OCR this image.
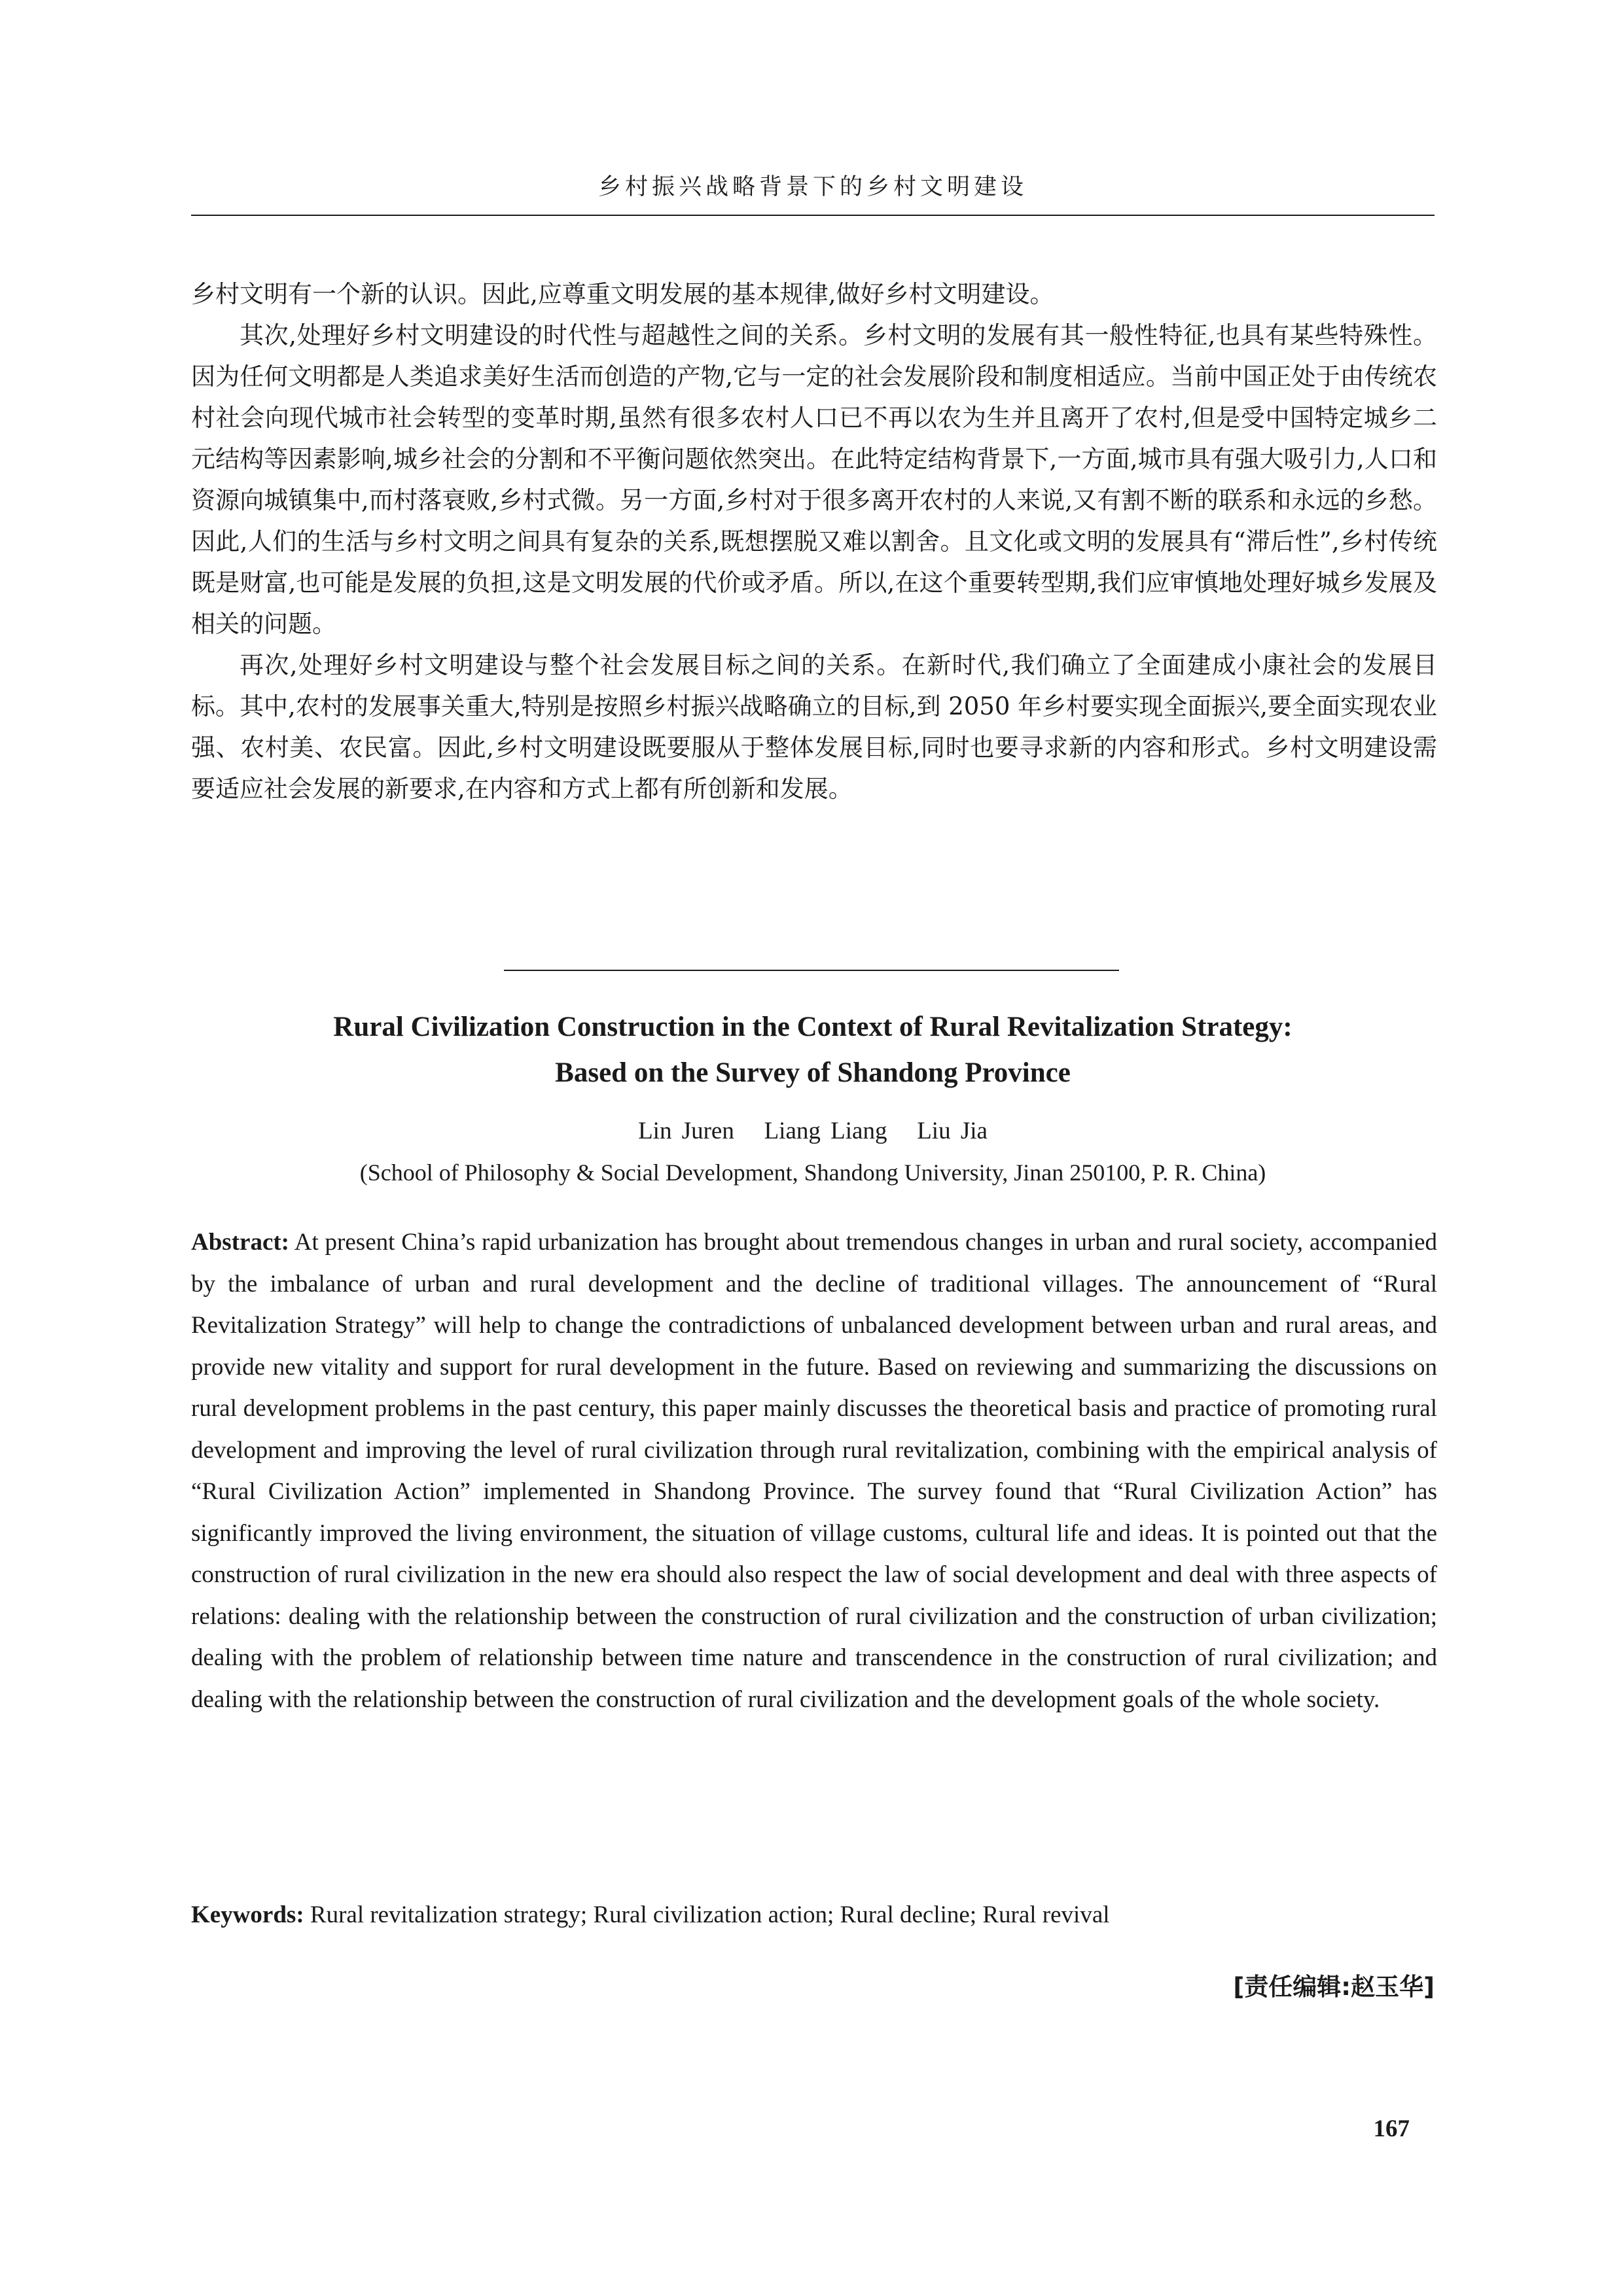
乡村振兴战略背景下的乡村文明建设

乡村文明有一个新的认识。因此,应尊重文明发展的基本规律,做好乡村文明建设。

其次,处理好乡村文明建设的时代性与超越性之间的关系。乡村文明的发展有其一般性特征,也具有某些特殊性。因为任何文明都是人类追求美好生活而创造的产物,它与一定的社会发展阶段和制度相适应。当前中国正处于由传统农村社会向现代城市社会转型的变革时期,虽然有很多农村人口已不再以农为生并且离开了农村,但是受中国特定城乡二元结构等因素影响,城乡社会的分割和不平衡问题依然突出。在此特定结构背景下,一方面,城市具有强大吸引力,人口和资源向城镇集中,而村落衰败,乡村式微。另一方面,乡村对于很多离开农村的人来说,又有割不断的联系和永远的乡愁。因此,人们的生活与乡村文明之间具有复杂的关系,既想摆脱又难以割舍。且文化或文明的发展具有“滞后性”,乡村传统既是财富,也可能是发展的负担,这是文明发展的代价或矛盾。所以,在这个重要转型期,我们应审慎地处理好城乡发展及相关的问题。

再次,处理好乡村文明建设与整个社会发展目标之间的关系。在新时代,我们确立了全面建成小康社会的发展目标。其中,农村的发展事关重大,特别是按照乡村振兴战略确立的目标,到 2050 年乡村要实现全面振兴,要全面实现农业强、农村美、农民富。因此,乡村文明建设既要服从于整体发展目标,同时也要寻求新的内容和形式。乡村文明建设需要适应社会发展的新要求,在内容和方式上都有所创新和发展。

Rural Civilization Construction in the Context of Rural Revitalization Strategy:
Based on the Survey of Shandong Province
Lin Juren   Liang Liang   Liu Jia
(School of Philosophy & Social Development, Shandong University, Jinan 250100, P. R. China)
Abstract: At present China’s rapid urbanization has brought about tremendous changes in urban and rural society, accompanied by the imbalance of urban and rural development and the decline of traditional villages. The announcement of “Rural Revitalization Strategy” will help to change the contradictions of unbalanced development between urban and rural areas, and provide new vitality and support for rural development in the future. Based on reviewing and summarizing the discussions on rural development problems in the past century, this paper mainly discusses the theoretical basis and practice of promoting rural development and improving the level of rural civilization through rural revitalization, combining with the empirical analysis of “Rural Civilization Action” implemented in Shandong Province. The survey found that “Rural Civilization Action” has significantly improved the living environment, the situation of village customs, cultural life and ideas. It is pointed out that the construction of rural civilization in the new era should also respect the law of social development and deal with three aspects of relations: dealing with the relationship between the construction of rural civilization and the construction of urban civilization; dealing with the problem of relationship between time nature and transcendence in the construction of rural civilization; and dealing with the relationship between the construction of rural civilization and the development goals of the whole society.
Keywords: Rural revitalization strategy; Rural civilization action; Rural decline; Rural revival
[责任编辑:赵玉华]
167
